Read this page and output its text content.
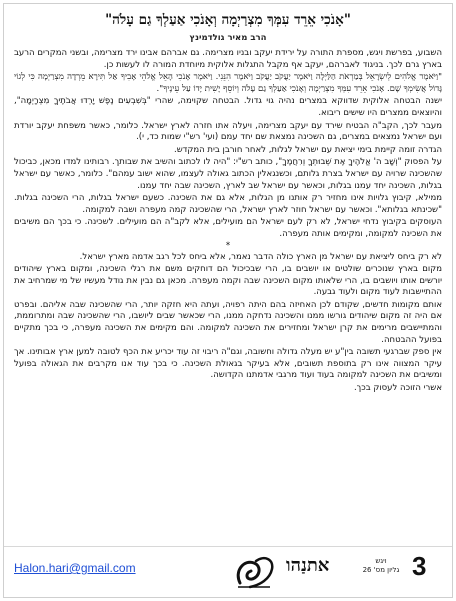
"אָנֹכִי אֵרֵד עִמְּךָ מִצְרַיְמָה וְאָנֹכִי אַעַלְךָ גַם עָלֹה"
הרב מאיר גולדמינץ

השבוע, בפרשת ויגש, מספרת התורה על ירידת יעקב ובניו מצרימה. גם אברהם אבינו ירד מצרימה, ובשני המקרים הרעב בארץ גרם לכך. בניגוד לאברהם, יעקב אף מקבל התגלות אלוקית מיוחדת המורה לו לעשות כן.

"וַיֹּאמֶר אֱלֹהִים לְיִשְׂרָאֵל בְּמַרְאֹת הַלַּיְלָה וַיֹּאמֶר יַעֲקֹב יַעֲקֹב וַיֹּאמֶר הִנֵּנִי. וַיֹּאמֶר אָנֹכִי הָאֵל אֱלֹהֵי אָבִיךָ אַל תִּירָא מֵרְדָה מִצְרַיְמָה כִּי לְגוֹי גָּדוֹל אֲשִׂימְךָ שָׁם. אָנֹכִי אֵרֵד עִמְּךָ מִצְרַיְמָה וְאָנֹכִי אַעַלְךָ גַם עָלֹה וְיוֹסֵף יָשִׁית יָדוֹ עַל עֵינֶיךָ".

ישנה הבטחה אלוקית שדווקא במצרים נהיה גוי גדול. הבטחה שקוימה, שהרי "בְּשִׁבְעִים נֶפֶשׁ יָרְדוּ אֲבֹתֶיךָ מִצְרָיְמָה", והיוצאים ממצרים היו שישים ריבוא.

מעבר לכך, הקב"ה הבטיח שירד עם יעקב מצרימה, ויעלה אתו חזרה לארץ ישראל. כלומר, כאשר משפחת יעקב יורדת ועם ישראל נמצאים במצרים, גם השכינה נמצאת שם יחד עמם (ועי' רש"י שמות כד, י).

הגדרה זומה קיימת בימי יציאת עם ישראל לגלות, לאחר חורבן בית המקדש.

על הפסוק "וְשָׁב ה' אֱלֹהֶיךָ אֶת שְׁבוּתְךָ וְרִחֲמֶךָ", כותב רש"י: "היה לו לכתוב והשיב את שבותך. רבותינו למדו מכאן, כביכול שהשכינה שרויה עם ישראל בצרת גלותם, וכשנגאלין הכתוב גאולה לעצמו, שהוא ישוב עמהם". כלומר, כאשר עם ישראל בגלות, השכינה יחד עמנו בגלות, וכאשר עם ישראל שב לארץ, השכינה שבה יחד עמנו.

ממילא, קיבוץ גלויות אינו מחזיר רק אותנו מן הגלות, אלא גם את השכינה. כשעם ישראל בגלות, הרי השכינה בגלות. "שכינתא בגלותא". וכאשר עם ישראל חוזר לארץ ישראל, הרי שהשכינה קמה מעפרה ושבה למקומה.

העוסקים בקיבוץ נדחי ישראל, לא רק לעם ישראל הם מועילים, אלא לקב"ה הם מועילים. לשכינה. כי בכך הם משיבים את השכינה למקומה, ומקימים אותה מעפרה.

*

לא רק ביחס ליציאת עם ישראל מן הארץ כולה הדבר נאמר, אלא ביחס לכל רגב אדמה מארץ ישראל.

מקום בארץ שנוכרים שולטים או יושבים בו, הרי שבכיכול הם דוחקים משם את רגלי השכינה, ומקום בארץ שיהודים יורשים אותו ויושבים בו, הרי שלאותו מקום השכינה שבה וקמה מעפרה. מכאן גם נבין את גודל מעשיו של מי שמרחיב את ההתיישבות לעוד מקום ולעוד גבעה.

אותם מקומות חדשים, שקודם לכן האחיזה בהם היתה רפויה, ועתה היא חזקה יותר, הרי שהשכינה שבה אליהם. ובפרט אם היה זה מקום שיהודים גורשו ממנו והשכינה נדחקה ממנו, הרי שכאשר שבים ליושבו, הרי שהשכינה שבה ומתרוממת, והמתיישבים מרימים את קרן ישראל ומחזירים את השכינה למקומה. והם מקימים את השכינה מעפרה, כי בכך מתקיים בפועל ההבטחה.

אין ספק שברגעי תשובה בין"ע יש מעלה גדולה וחשובה, וגם"ה ריבוי זה עוד יכריע את הכף לטובה למען ארץ אבותינו. אך עיקר המצווה אינו רק בתוספת תשובים, אלא בעיקר בגאולת השכינה. כי בכך עוד אנו מקרבים את הגאולה בפועל ומשיבים את השכינה למקומה בעוד ועוד מרגבי אדמתנו הקדושה.

אשרי הזוכה לעסוק בכך.

Halon.hari@gmail.com	אתנַהו	ויגש
גליון מס' 26 3
